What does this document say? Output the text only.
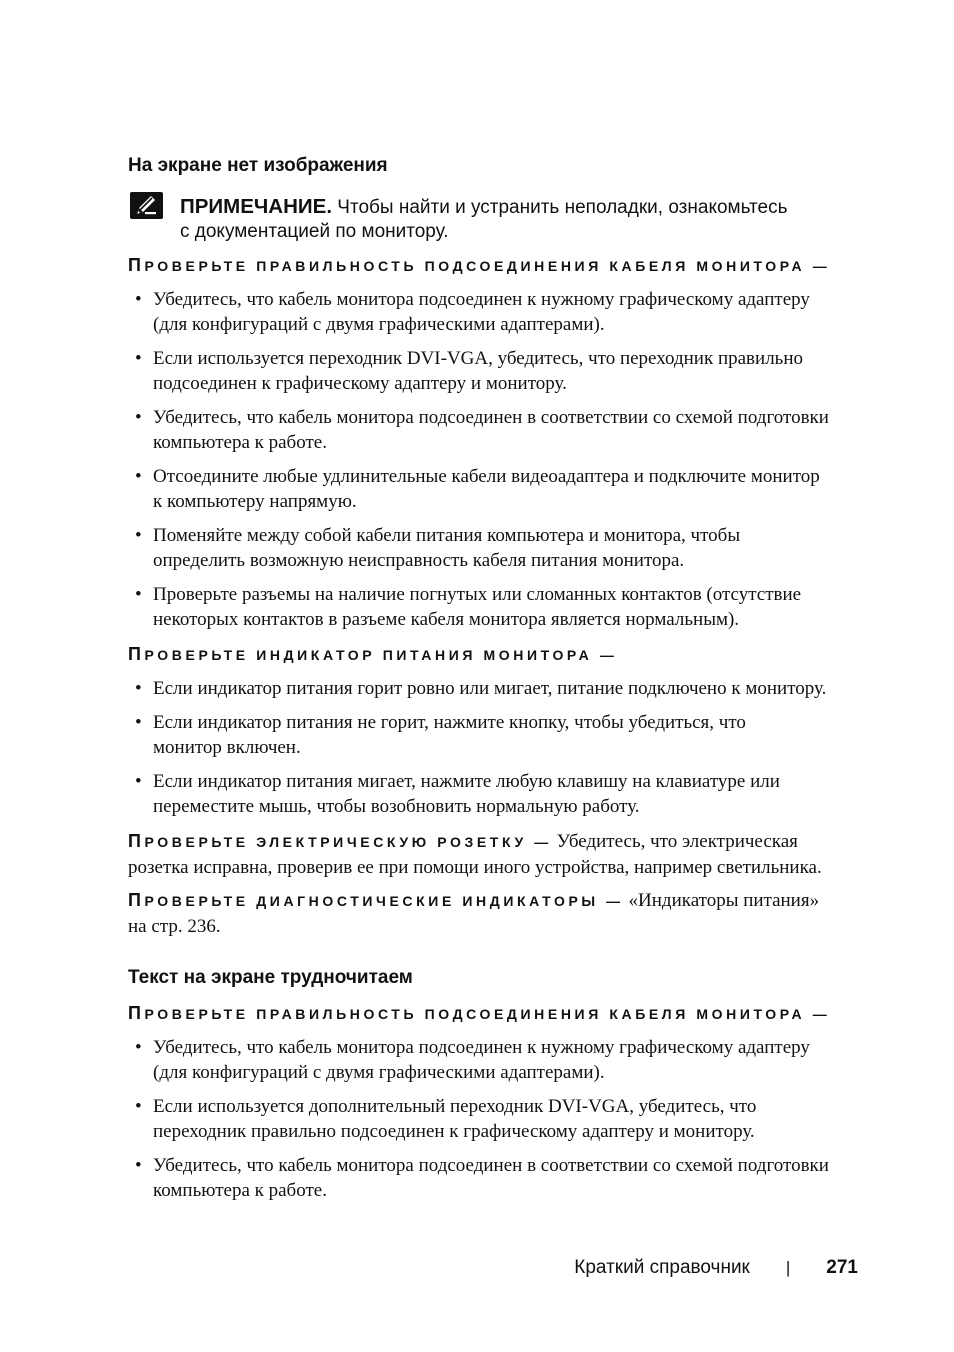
На экране нет изображения
ПРИМЕЧАНИЕ. Чтобы найти и устранить неполадки, ознакомьтесь
с документацией по монитору.
ПРОВЕРЬТЕ ПРАВИЛЬНОСТЬ ПОДСОЕДИНЕНИЯ КАБЕЛЯ МОНИТОРА —
•
Убедитесь, что кабель монитора подсоединен к нужному графическому адаптеру
(для конфигураций с двумя графическими адаптерами).
•
Если используется переходник DVI-VGA, убедитесь, что переходник правильно
подсоединен к графическому адаптеру и монитору.
•
Убедитесь, что кабель монитора подсоединен в соответствии со схемой подготовки
компьютера к работе.
•
Отсоедините любые удлинительные кабели видеоадаптера и подключите монитор
к компьютеру напрямую.
•
Поменяйте между собой кабели питания компьютера и монитора, чтобы
определить возможную неисправность кабеля питания монитора.
•
Проверьте разъемы на наличие погнутых или сломанных контактов (отсутствие
некоторых контактов в разъеме кабеля монитора является нормальным).
ПРОВЕРЬТЕ ИНДИКАТОР ПИТАНИЯ МОНИТОРА —
•
Если индикатор питания горит ровно или мигает, питание подключено к монитору.
•
Если индикатор питания не горит, нажмите кнопку, чтобы убедиться, что
монитор включен.
•
Если индикатор питания мигает, нажмите любую клавишу на клавиатуре или
переместите мышь, чтобы возобновить нормальную работу.

ПРОВЕРЬТЕ ЭЛЕКТРИЧЕСКУЮ РОЗЕТКУ — Убедитесь, что электрическая
розетка исправна, проверив ее при помощи иного устройства, например светильника.

ПРОВЕРЬТЕ ДИАГНОСТИЧЕСКИЕ ИНДИКАТОРЫ — «Индикаторы питания»
на стр. 236.

Текст на экране трудночитаем
ПРОВЕРЬТЕ ПРАВИЛЬНОСТЬ ПОДСОЕДИНЕНИЯ КАБЕЛЯ МОНИТОРА —
•
Убедитесь, что кабель монитора подсоединен к нужному графическому адаптеру
(для конфигураций с двумя графическими адаптерами).
•
Если используется дополнительный переходник DVI-VGA, убедитесь, что
переходник правильно подсоединен к графическому адаптеру и монитору.
•
Убедитесь, что кабель монитора подсоединен в соответствии со схемой подготовки
компьютера к работе.
Краткий справочник | 271
